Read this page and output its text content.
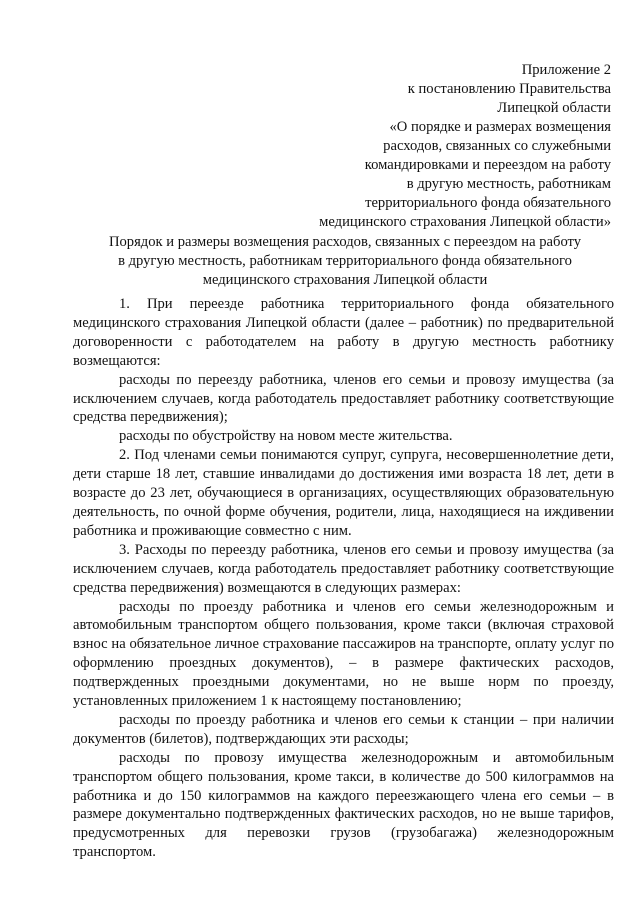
Приложение 2
к постановлению Правительства
Липецкой области
«О порядке и размерах возмещения
расходов, связанных со служебными
командировками и переездом на работу
в другую местность, работникам
территориального фонда обязательного
медицинского страхования Липецкой области»
Порядок и размеры возмещения расходов, связанных с переездом на работу
в другую местность, работникам территориального фонда обязательного
медицинского страхования Липецкой области

1. При переезде работника территориального фонда обязательного медицинского страхования Липецкой области (далее – работник) по предварительной договоренности с работодателем на работу в другую местность работнику возмещаются:

расходы по переезду работника, членов его семьи и провозу имущества (за исключением случаев, когда работодатель предоставляет работнику соответствующие средства передвижения);

расходы по обустройству на новом месте жительства.

2. Под членами семьи понимаются супруг, супруга, несовершеннолетние дети, дети старше 18 лет, ставшие инвалидами до достижения ими возраста 18 лет, дети в возрасте до 23 лет, обучающиеся в организациях, осуществляющих образовательную деятельность, по очной форме обучения, родители, лица, находящиеся на иждивении работника и проживающие совместно с ним.

3. Расходы по переезду работника, членов его семьи и провозу имущества (за исключением случаев, когда работодатель предоставляет работнику соответствующие средства передвижения) возмещаются в следующих размерах:

расходы по проезду работника и членов его семьи железнодорожным и автомобильным транспортом общего пользования, кроме такси (включая страховой взнос на обязательное личное страхование пассажиров на транспорте, оплату услуг по оформлению проездных документов), – в размере фактических расходов, подтвержденных проездными документами, но не выше норм по проезду, установленных приложением 1 к настоящему постановлению;

расходы по проезду работника и членов его семьи к станции – при наличии документов (билетов), подтверждающих эти расходы;

расходы по провозу имущества железнодорожным и автомобильным транспортом общего пользования, кроме такси, в количестве до 500 килограммов на работника и до 150 килограммов на каждого переезжающего члена его семьи – в размере документально подтвержденных фактических расходов, но не выше тарифов, предусмотренных для перевозки грузов (грузобагажа) железнодорожным транспортом.
